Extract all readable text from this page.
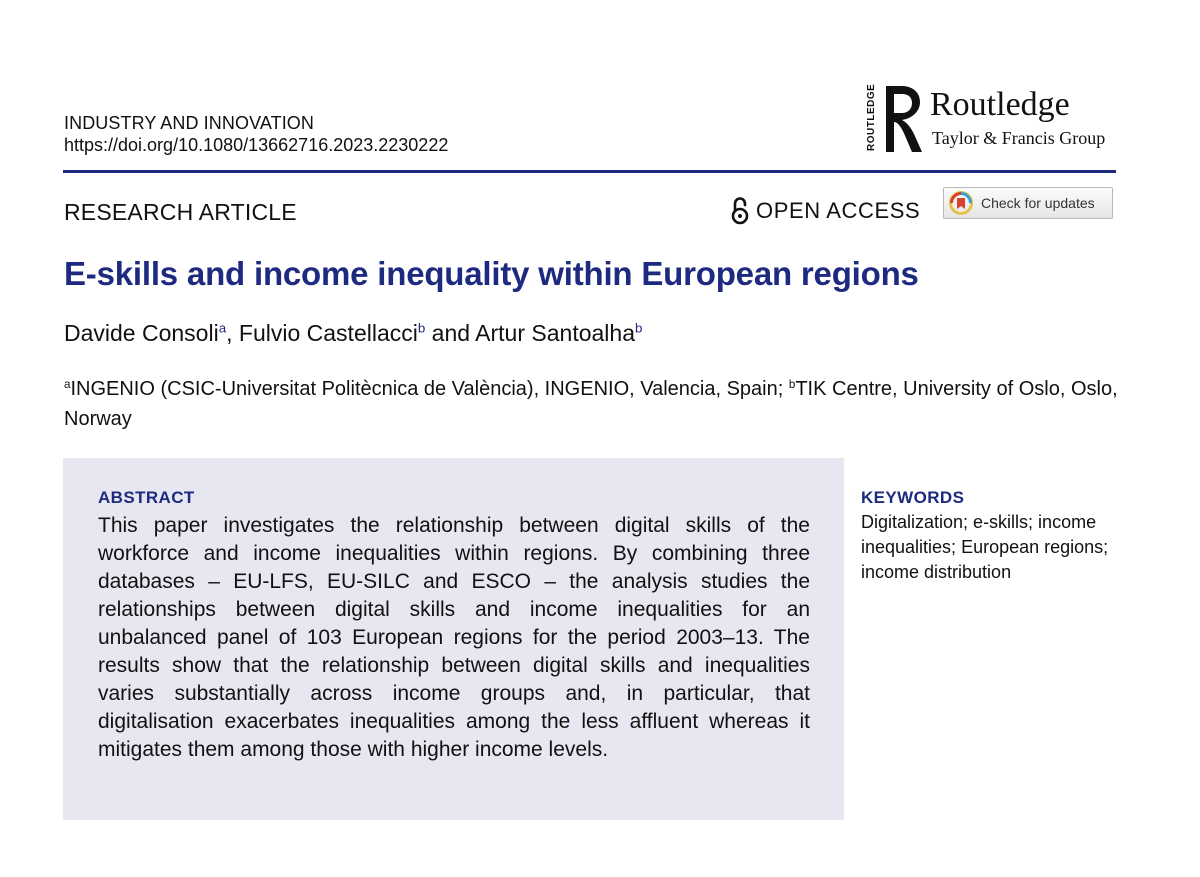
INDUSTRY AND INNOVATION
https://doi.org/10.1080/13662716.2023.2230222	ROUTLEDGE Routledge
Taylor & Francis Group
RESEARCH ARTICLE	OPEN ACCESS	Check for updates
E-skills and income inequality within European regions
Davide Consoli$^a$, Fulvio Castellacci$^b$ and Artur Santoalha$^b$
$^a$INGENIO (CSIC-Universitat Politècnica de València), INGENIO, Valencia, Spain; $^b$TIK Centre, University of Oslo, Oslo, Norway
ABSTRACT
This paper investigates the relationship between digital skills of the workforce and income inequalities within regions. By combining three databases – EU-LFS, EU-SILC and ESCO – the analysis studies the relationships between digital skills and income inequalities for an unbalanced panel of 103 European regions for the period 2003–13. The results show that the relationship between digital skills and inequalities varies substantially across income groups and, in particular, that digitalisation exacerbates inequalities among the less affluent whereas it mitigates them among those with higher income levels.
KEYWORDS
Digitalization; e-skills; income inequalities; European regions; income distribution
